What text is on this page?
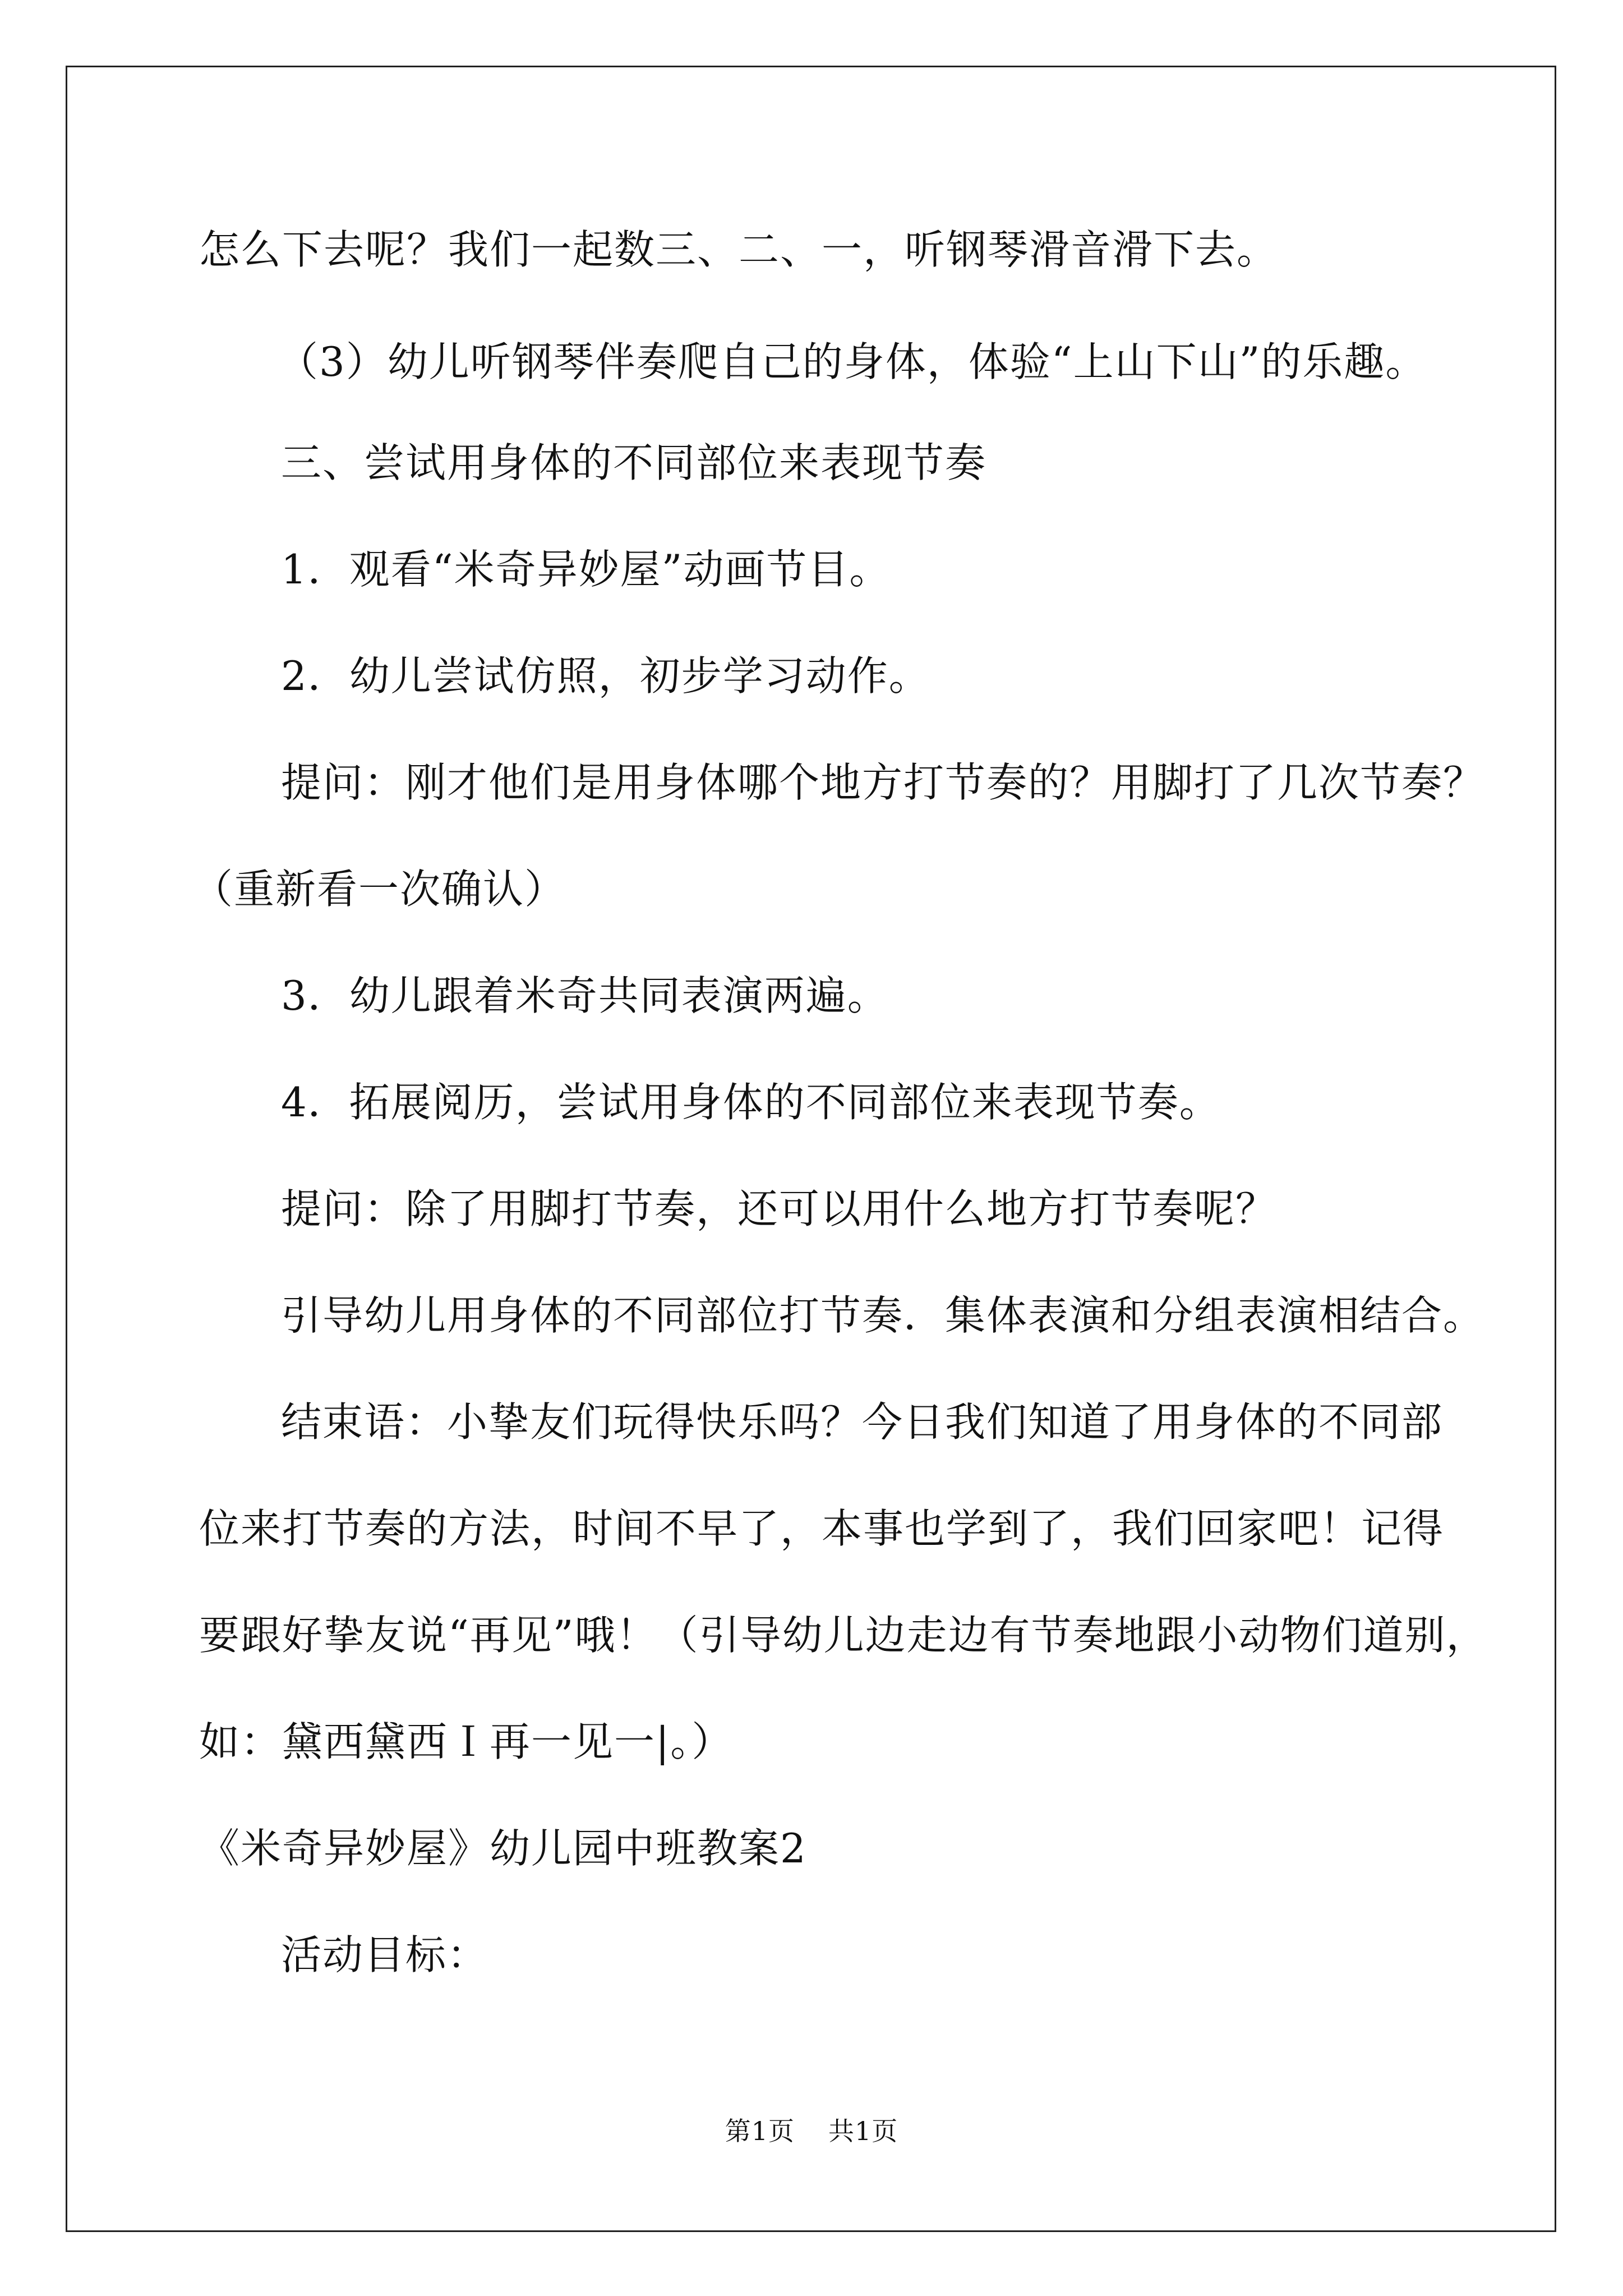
怎么下去呢？我们一起数三、二、一，听钢琴滑音滑下去。
（3）幼儿听钢琴伴奏爬自己的身体，体验“上山下山”的乐趣。
三、尝试用身体的不同部位来表现节奏
1．观看“米奇异妙屋”动画节目。
2．幼儿尝试仿照，初步学习动作。
提问：刚才他们是用身体哪个地方打节奏的？用脚打了几次节奏？
（重新看一次确认）
3．幼儿跟着米奇共同表演两遍。
4．拓展阅历，尝试用身体的不同部位来表现节奏。
提问：除了用脚打节奏，还可以用什么地方打节奏呢？
引导幼儿用身体的不同部位打节奏．集体表演和分组表演相结合。
结束语：小挚友们玩得快乐吗？今日我们知道了用身体的不同部
位来打节奏的方法，时间不早了，本事也学到了，我们回家吧！记得
要跟好挚友说“再见”哦！（引导幼儿边走边有节奏地跟小动物们道别，
如：黛西黛西Ｉ再一见一|。）
《米奇异妙屋》幼儿园中班教案2
活动目标：
第1页 共1页
